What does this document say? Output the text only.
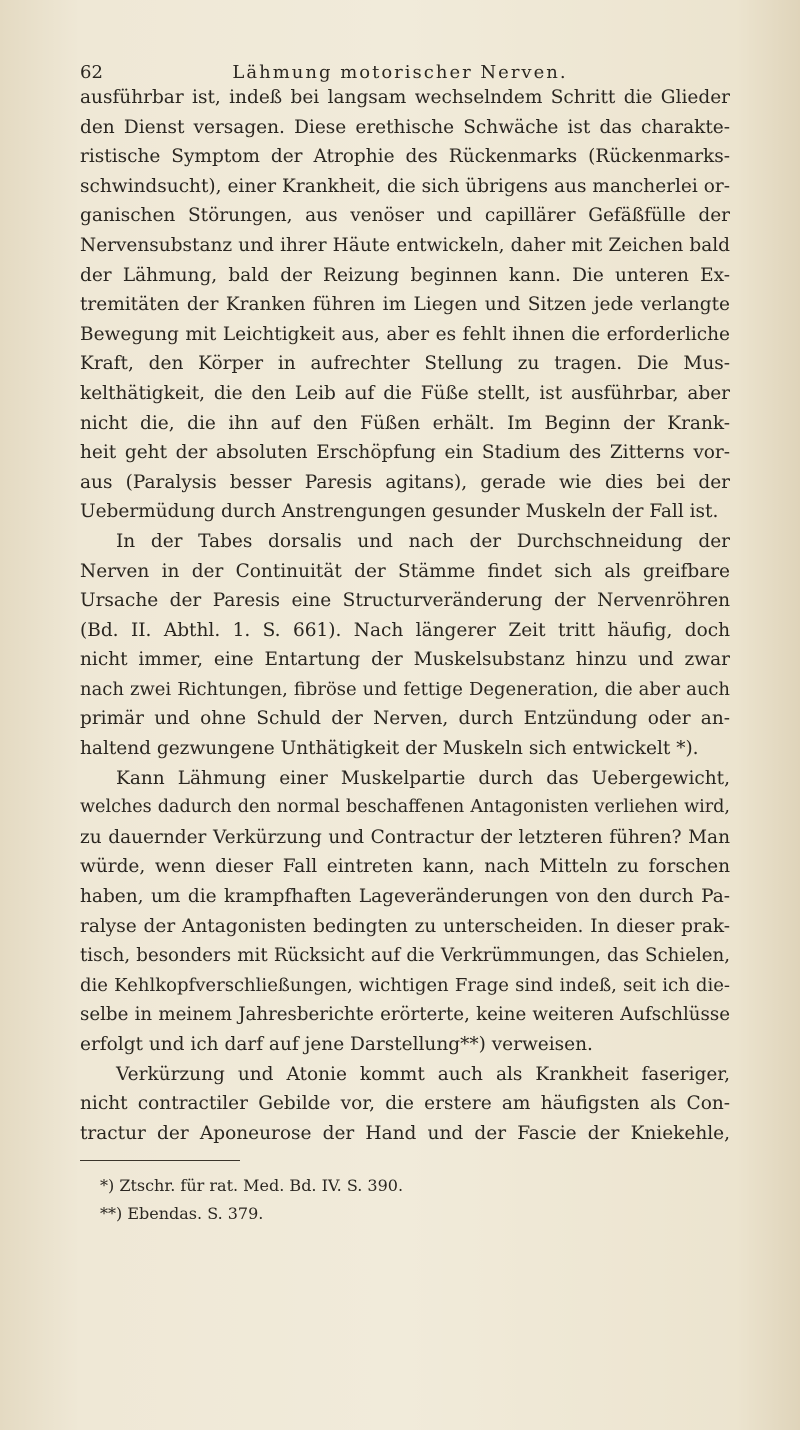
62	Lähmung motorischer Nerven.
ausführbar ist, indeß bei langsam wechselndem Schritt die Glieder
den Dienst versagen. Diese erethische Schwäche ist das charakte-
ristische Symptom der Atrophie des Rückenmarks (Rückenmarks-
schwindsucht), einer Krankheit, die sich übrigens aus mancherlei or-
ganischen Störungen, aus venöser und capillärer Gefäßfülle der
Nervensubstanz und ihrer Häute entwickeln, daher mit Zeichen bald
der Lähmung, bald der Reizung beginnen kann. Die unteren Ex-
tremitäten der Kranken führen im Liegen und Sitzen jede verlangte
Bewegung mit Leichtigkeit aus, aber es fehlt ihnen die erforderliche
Kraft, den Körper in aufrechter Stellung zu tragen. Die Mus-
kelthätigkeit, die den Leib auf die Füße stellt, ist ausführbar, aber
nicht die, die ihn auf den Füßen erhält. Im Beginn der Krank-
heit geht der absoluten Erschöpfung ein Stadium des Zitterns vor-
aus (Paralysis besser Paresis agitans), gerade wie dies bei der
Uebermüdung durch Anstrengungen gesunder Muskeln der Fall ist.
In der Tabes dorsalis und nach der Durchschneidung der
Nerven in der Continuität der Stämme findet sich als greifbare
Ursache der Paresis eine Structurveränderung der Nervenröhren
(Bd. II. Abthl. 1. S. 661). Nach längerer Zeit tritt häufig, doch
nicht immer, eine Entartung der Muskelsubstanz hinzu und zwar
nach zwei Richtungen, fibröse und fettige Degeneration, die aber auch
primär und ohne Schuld der Nerven, durch Entzündung oder an-
haltend gezwungene Unthätigkeit der Muskeln sich entwickelt *).
Kann Lähmung einer Muskelpartie durch das Uebergewicht,
welches dadurch den normal beschaffenen Antagonisten verliehen wird,
zu dauernder Verkürzung und Contractur der letzteren führen? Man
würde, wenn dieser Fall eintreten kann, nach Mitteln zu forschen
haben, um die krampfhaften Lageveränderungen von den durch Pa-
ralyse der Antagonisten bedingten zu unterscheiden. In dieser prak-
tisch, besonders mit Rücksicht auf die Verkrümmungen, das Schielen,
die Kehlkopfverschließungen, wichtigen Frage sind indeß, seit ich die-
selbe in meinem Jahresberichte erörterte, keine weiteren Aufschlüsse
erfolgt und ich darf auf jene Darstellung**) verweisen.
Verkürzung und Atonie kommt auch als Krankheit faseriger,
nicht contractiler Gebilde vor, die erstere am häufigsten als Con-
tractur der Aponeurose der Hand und der Fascie der Kniekehle,
*) Ztschr. für rat. Med. Bd. IV. S. 390.
**) Ebendas. S. 379.
